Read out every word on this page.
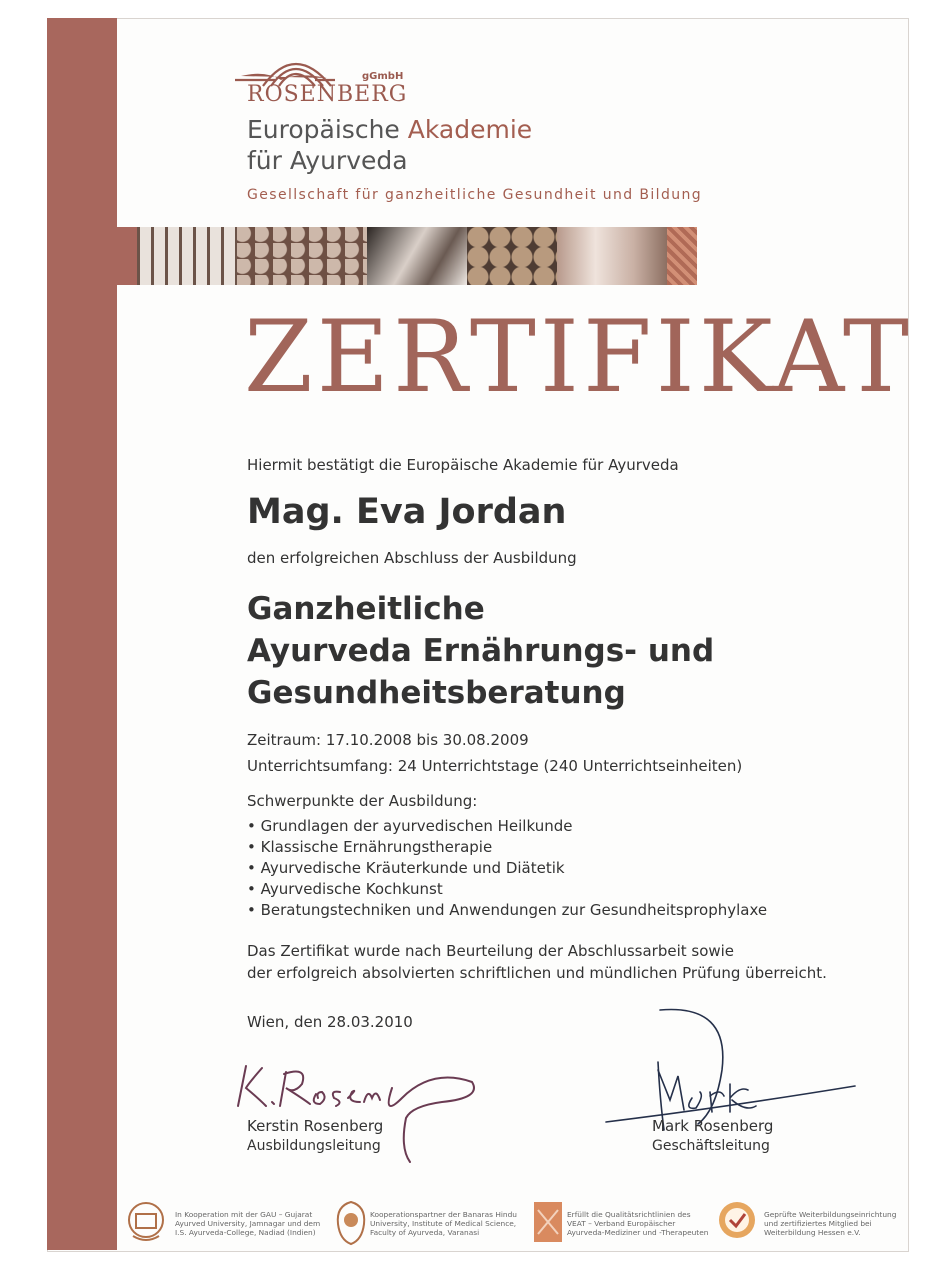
gGmbH
ROSENBERG
Europäische Akademie
für Ayurveda
Gesellschaft für ganzheitliche Gesundheit und Bildung
ZERTIFIKAT
Hiermit bestätigt die Europäische Akademie für Ayurveda
Mag. Eva Jordan
den erfolgreichen Abschluss der Ausbildung
Ganzheitliche
Ayurveda Ernährungs- und
Gesundheitsberatung
Zeitraum: 17.10.2008 bis 30.08.2009
Unterrichtsumfang: 24 Unterrichtstage (240 Unterrichtseinheiten)
Schwerpunkte der Ausbildung:
• Grundlagen der ayurvedischen Heilkunde
• Klassische Ernährungstherapie
• Ayurvedische Kräuterkunde und Diätetik
• Ayurvedische Kochkunst
• Beratungstechniken und Anwendungen zur Gesundheitsprophylaxe
Das Zertifikat wurde nach Beurteilung der Abschlussarbeit sowie
der erfolgreich absolvierten schriftlichen und mündlichen Prüfung überreicht.
Wien, den 28.03.2010
Kerstin Rosenberg
Ausbildungsleitung
Mark Rosenberg
Geschäftsleitung
In Kooperation mit der GAU – Gujarat
Ayurved University, Jamnagar und dem
I.S. Ayurveda-College, Nadiad (Indien)
Kooperationspartner der Banaras Hindu
University, Institute of Medical Science,
Faculty of Ayurveda, Varanasi
Erfüllt die Qualitätsrichtlinien des
VEAT – Verband Europäischer
Ayurveda-Mediziner und -Therapeuten
Geprüfte Weiterbildungseinrichtung
und zertifiziertes Mitglied bei
Weiterbildung Hessen e.V.
